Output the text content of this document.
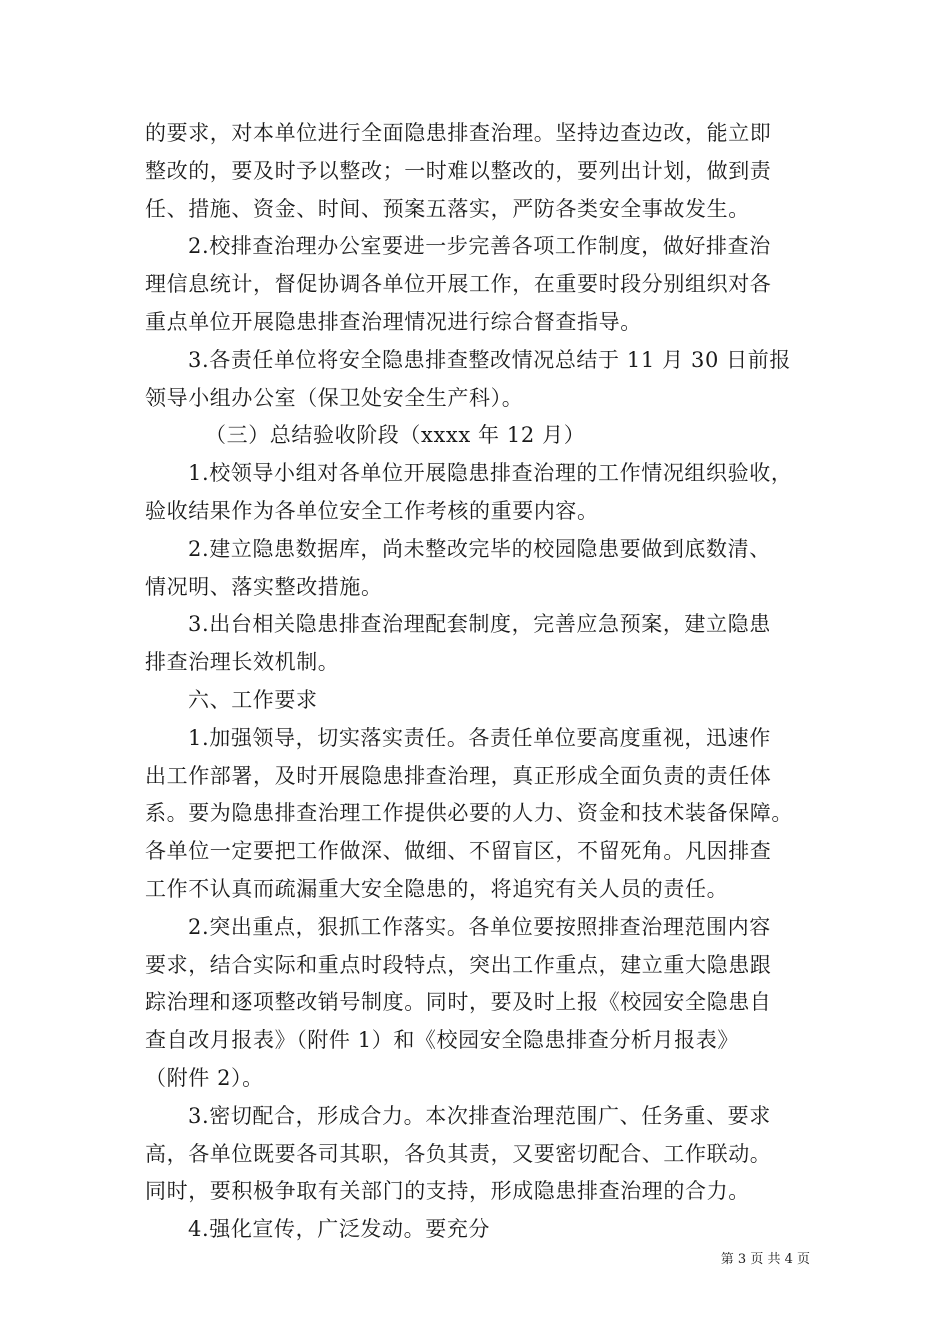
的要求，对本单位进行全面隐患排查治理。坚持边查边改，能立即
整改的，要及时予以整改；一时难以整改的，要列出计划，做到责
任、措施、资金、时间、预案五落实，严防各类安全事故发生。
2.校排查治理办公室要进一步完善各项工作制度，做好排查治
理信息统计，督促协调各单位开展工作，在重要时段分别组织对各
重点单位开展隐患排查治理情况进行综合督查指导。
3.各责任单位将安全隐患排查整改情况总结于 11 月 30 日前报
领导小组办公室（保卫处安全生产科）。
（三）总结验收阶段（xxxx 年 12 月）
1.校领导小组对各单位开展隐患排查治理的工作情况组织验收，
验收结果作为各单位安全工作考核的重要内容。
2.建立隐患数据库，尚未整改完毕的校园隐患要做到底数清、
情况明、落实整改措施。
3.出台相关隐患排查治理配套制度，完善应急预案，建立隐患
排查治理长效机制。
六、工作要求
1.加强领导，切实落实责任。各责任单位要高度重视，迅速作
出工作部署，及时开展隐患排查治理，真正形成全面负责的责任体
系。要为隐患排查治理工作提供必要的人力、资金和技术装备保障。
各单位一定要把工作做深、做细、不留盲区，不留死角。凡因排查
工作不认真而疏漏重大安全隐患的，将追究有关人员的责任。
2.突出重点，狠抓工作落实。各单位要按照排查治理范围内容
要求，结合实际和重点时段特点，突出工作重点，建立重大隐患跟
踪治理和逐项整改销号制度。同时，要及时上报《校园安全隐患自
查自改月报表》（附件 1）和《校园安全隐患排查分析月报表》
（附件 2）。
3.密切配合，形成合力。本次排查治理范围广、任务重、要求
高，各单位既要各司其职，各负其责，又要密切配合、工作联动。
同时，要积极争取有关部门的支持，形成隐患排查治理的合力。
4.强化宣传，广泛发动。要充分
第 3 页 共 4 页
